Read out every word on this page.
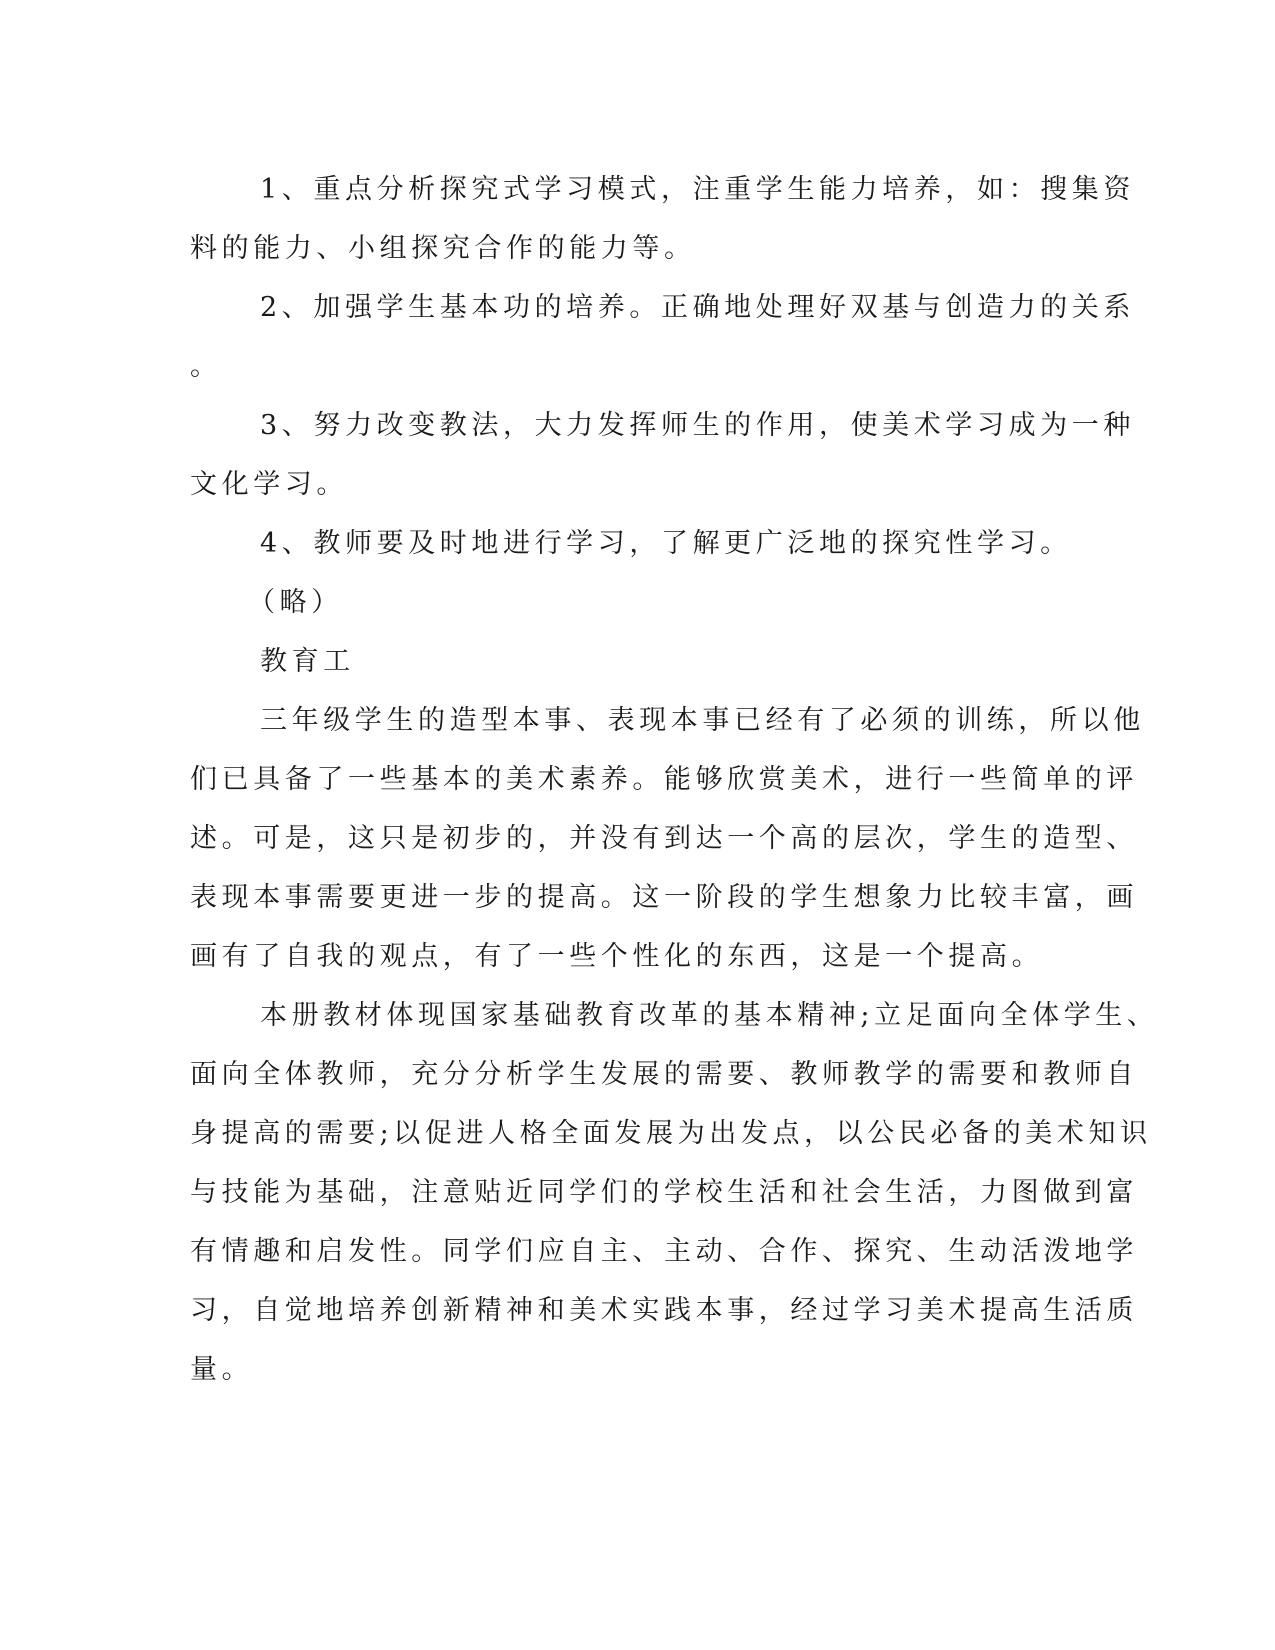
1、重点分析探究式学习模式，注重学生能力培养，如：搜集资
料的能力、小组探究合作的能力等。
2、加强学生基本功的培养。正确地处理好双基与创造力的关系
。
3、努力改变教法，大力发挥师生的作用，使美术学习成为一种
文化学习。
4、教师要及时地进行学习，了解更广泛地的探究性学习。
（略）
教育工
三年级学生的造型本事、表现本事已经有了必须的训练，所以他
们已具备了一些基本的美术素养。能够欣赏美术，进行一些简单的评
述。可是，这只是初步的，并没有到达一个高的层次，学生的造型、
表现本事需要更进一步的提高。这一阶段的学生想象力比较丰富，画
画有了自我的观点，有了一些个性化的东西，这是一个提高。
本册教材体现国家基础教育改革的基本精神;立足面向全体学生、
面向全体教师，充分分析学生发展的需要、教师教学的需要和教师自
身提高的需要;以促进人格全面发展为出发点，以公民必备的美术知识
与技能为基础，注意贴近同学们的学校生活和社会生活，力图做到富
有情趣和启发性。同学们应自主、主动、合作、探究、生动活泼地学
习，自觉地培养创新精神和美术实践本事，经过学习美术提高生活质
量。
